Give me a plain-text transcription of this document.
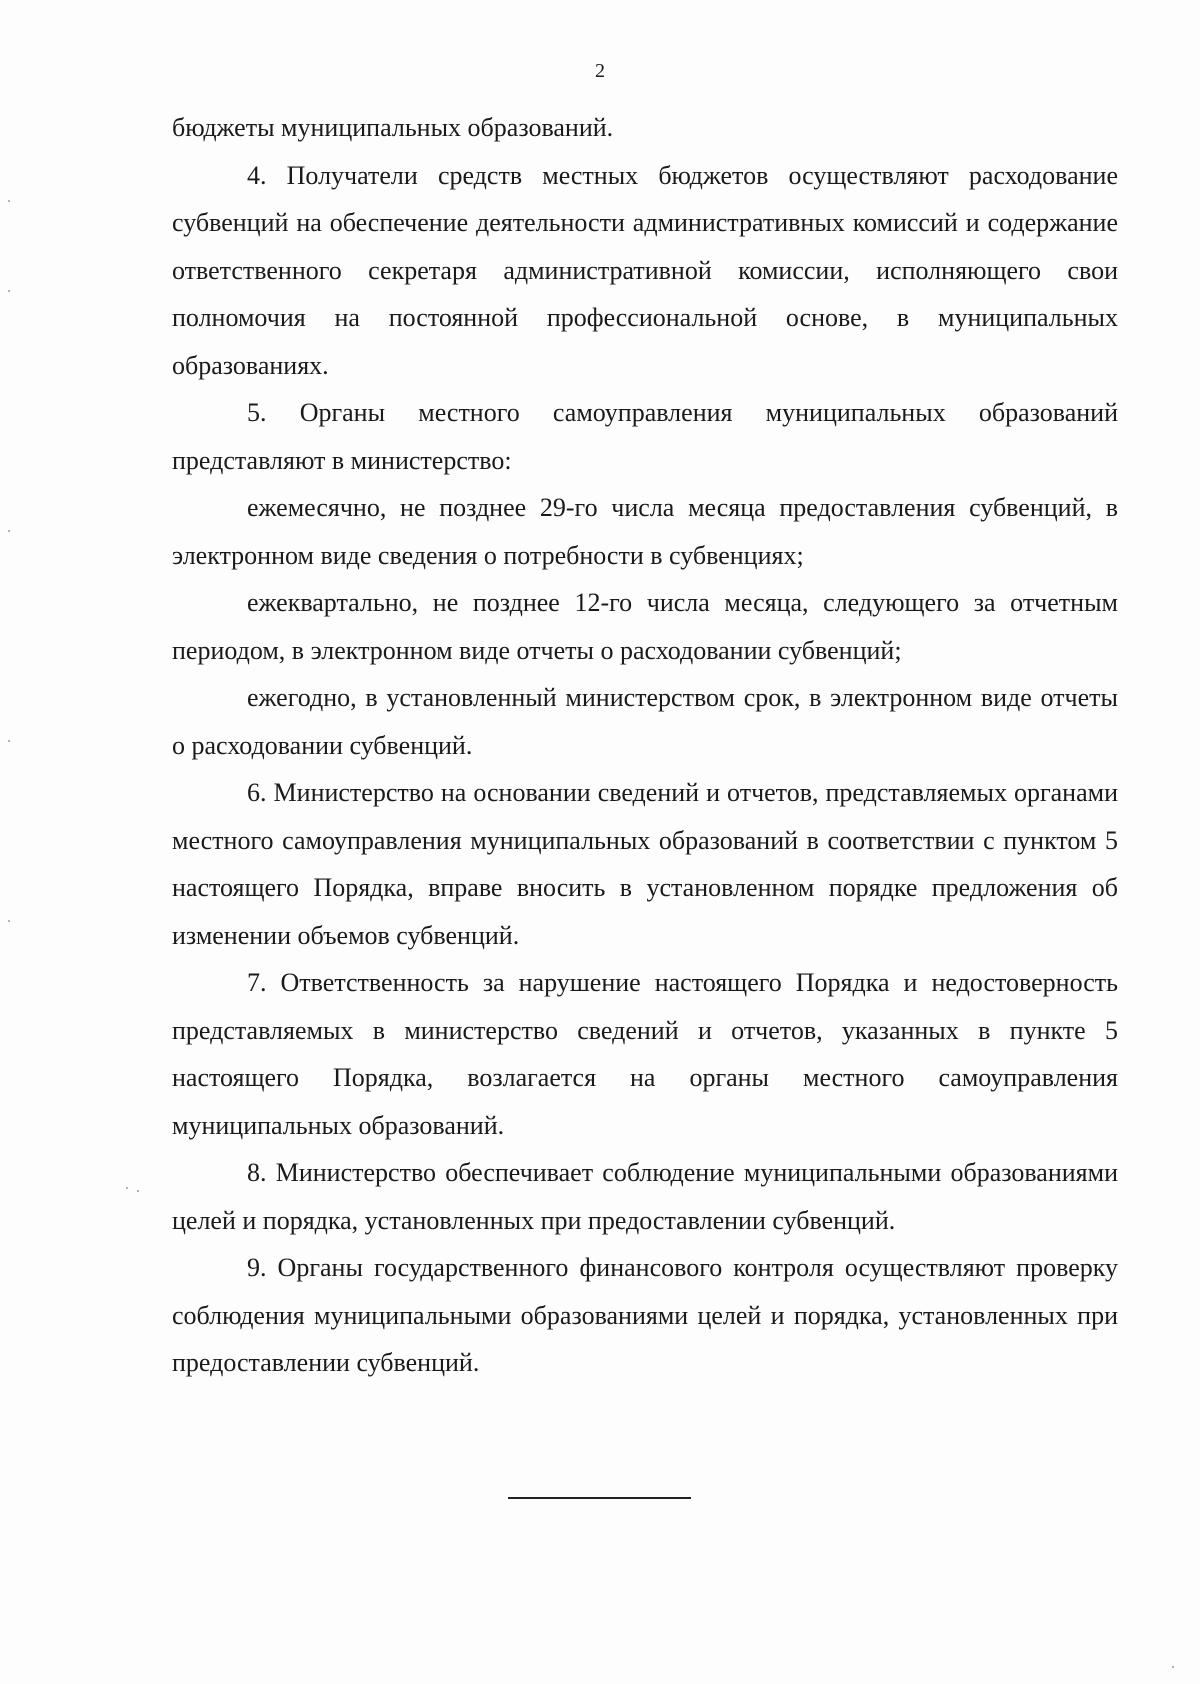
2

бюджеты муниципальных образований.

4. Получатели средств местных бюджетов осуществляют расходование субвенций на обеспечение деятельности административных комиссий и содержание ответственного секретаря административной комиссии, исполняющего свои полномочия на постоянной профессиональной основе, в муниципальных образованиях.

5. Органы местного самоуправления муниципальных образований представляют в министерство:

ежемесячно, не позднее 29-го числа месяца предоставления субвенций, в электронном виде сведения о потребности в субвенциях;

ежеквартально, не позднее 12-го числа месяца, следующего за отчетным периодом, в электронном виде отчеты о расходовании субвенций;

ежегодно, в установленный министерством срок, в электронном виде отчеты о расходовании субвенций.

6. Министерство на основании сведений и отчетов, представляемых органами местного самоуправления муниципальных образований в соответствии с пунктом 5 настоящего Порядка, вправе вносить в установленном порядке предложения об изменении объемов субвенций.

7. Ответственность за нарушение настоящего Порядка и недостоверность представляемых в министерство сведений и отчетов, указанных в пункте 5 настоящего Порядка, возлагается на органы местного самоуправления муниципальных образований.

8. Министерство обеспечивает соблюдение муниципальными образованиями целей и порядка, установленных при предоставлении субвенций.

9. Органы государственного финансового контроля осуществляют проверку соблюдения муниципальными образованиями целей и порядка, установленных при предоставлении субвенций.
